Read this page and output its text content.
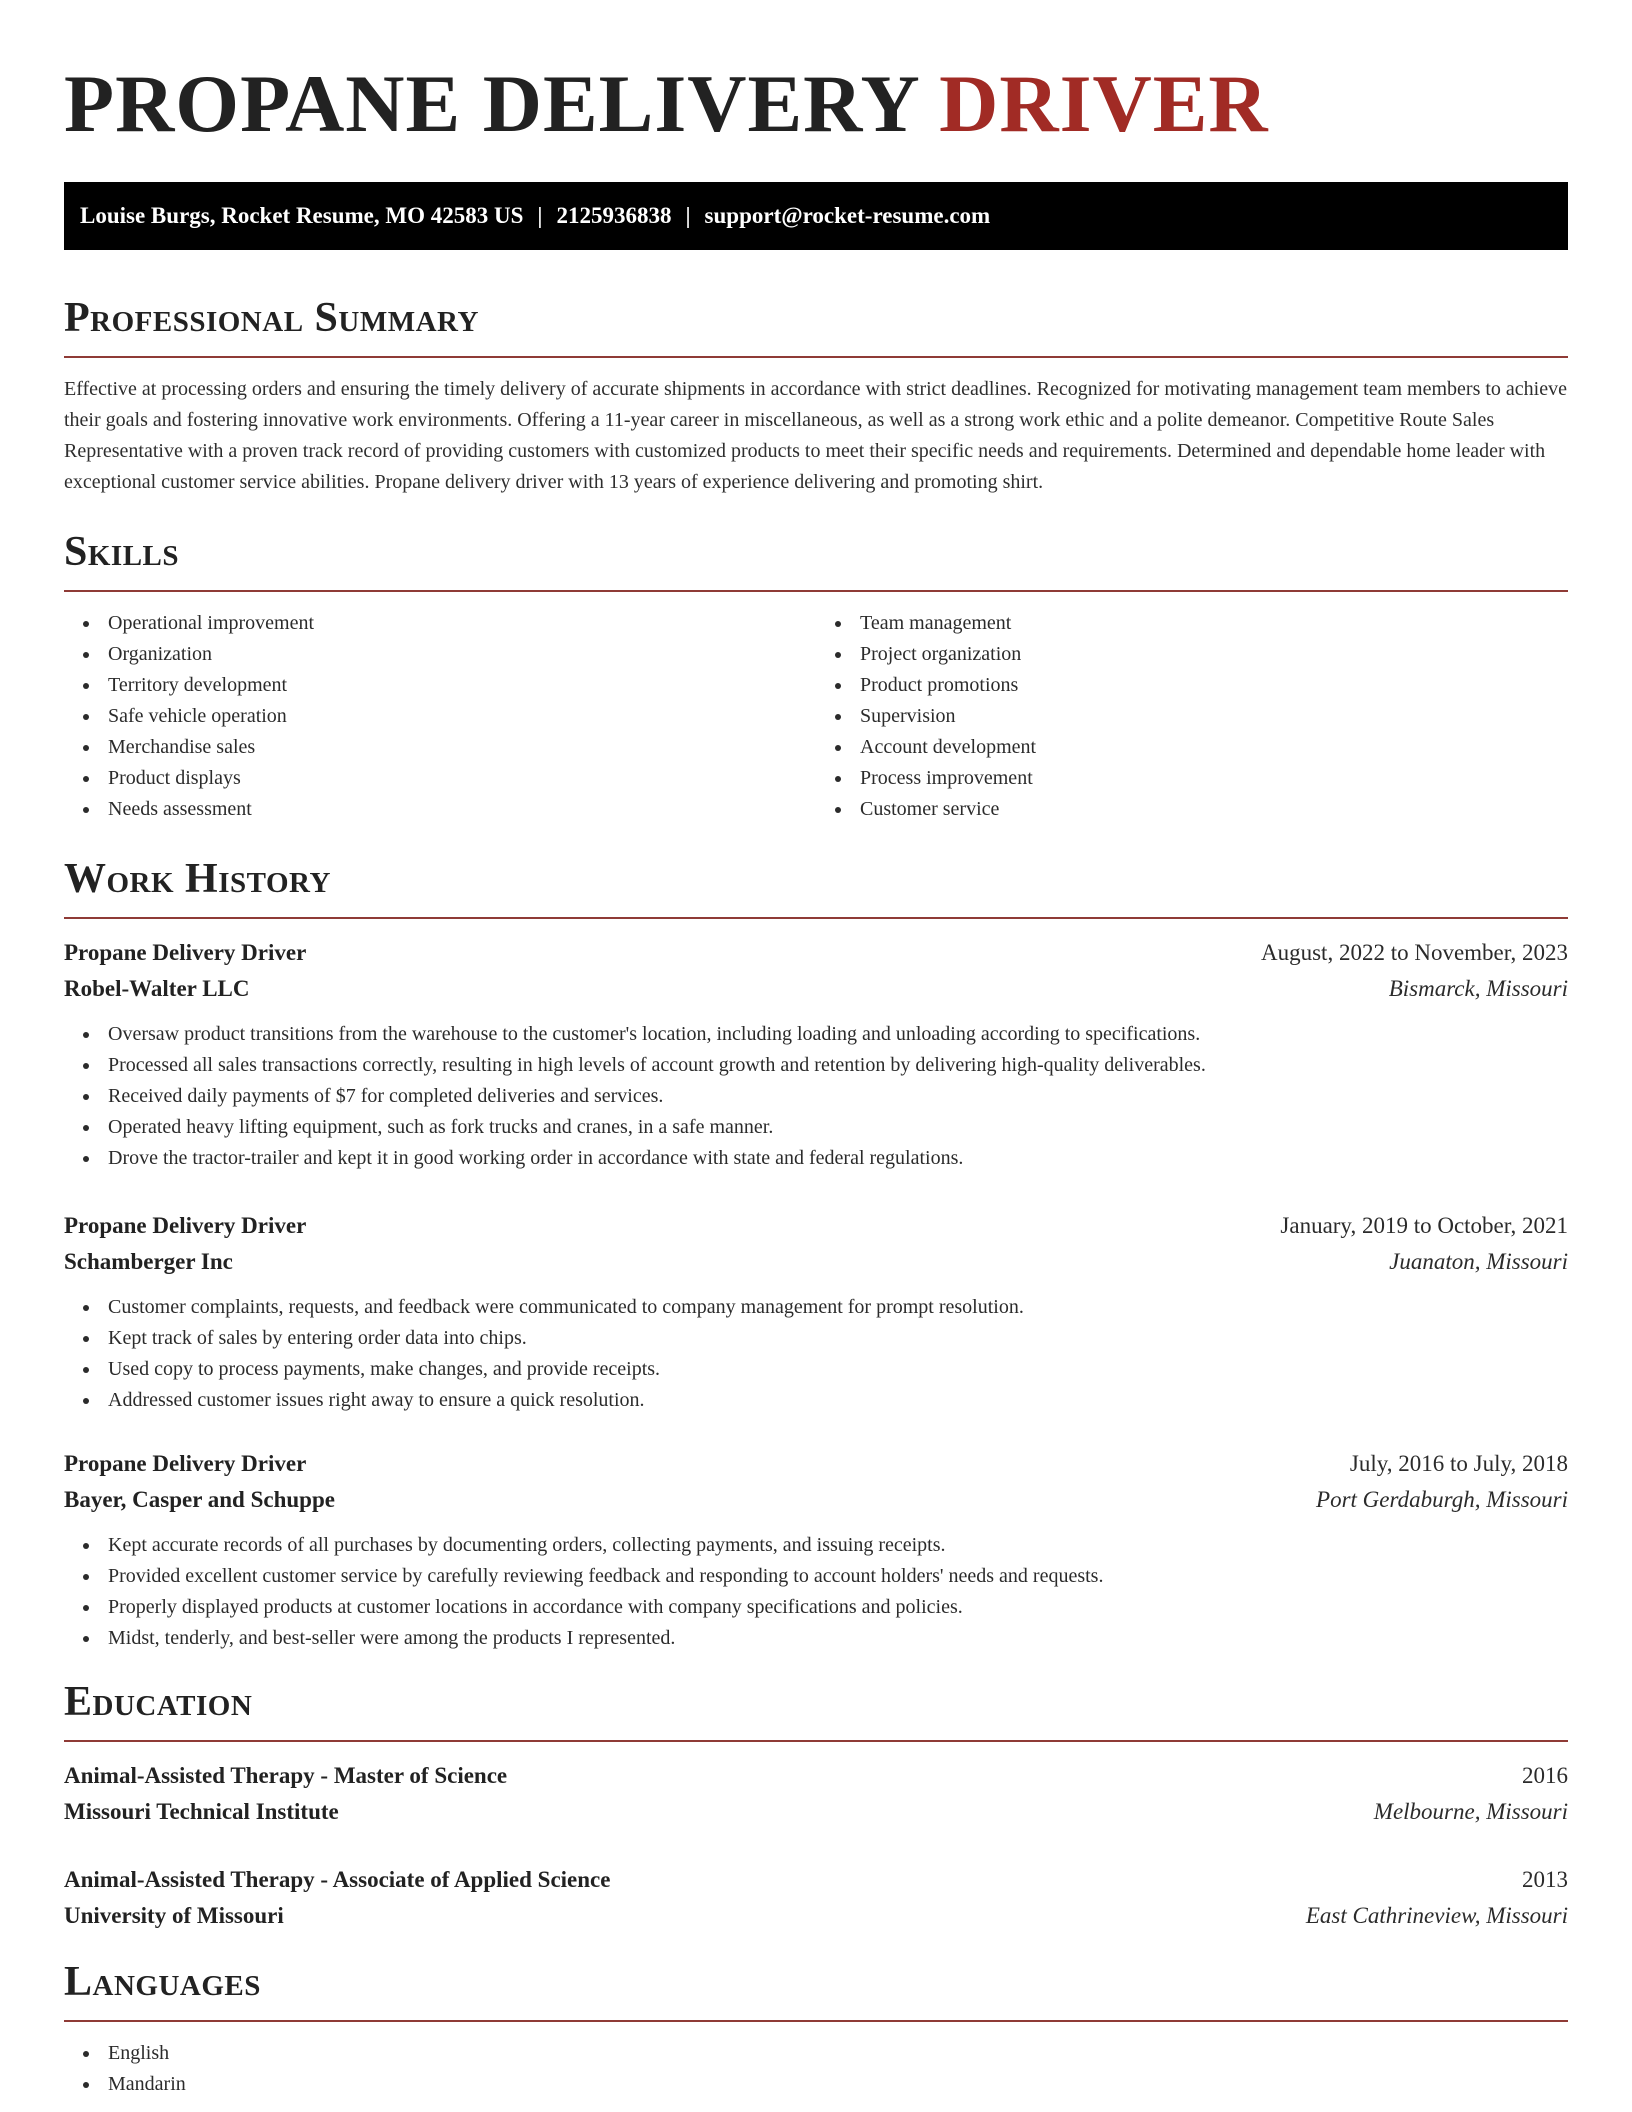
PROPANE DELIVERY DRIVER
Louise Burgs, Rocket Resume, MO 42583 US | 2125936838 | support@rocket-resume.com
Professional Summary

Effective at processing orders and ensuring the timely delivery of accurate shipments in accordance with strict deadlines. Recognized for motivating management team members to achieve their goals and fostering innovative work environments. Offering a 11-year career in miscellaneous, as well as a strong work ethic and a polite demeanor. Competitive Route Sales Representative with a proven track record of providing customers with customized products to meet their specific needs and requirements. Determined and dependable home leader with exceptional customer service abilities. Propane delivery driver with 13 years of experience delivering and promoting shirt.

Skills
Operational improvement
Organization
Territory development
Safe vehicle operation
Merchandise sales
Product displays
Needs assessment
Team management
Project organization
Product promotions
Supervision
Account development
Process improvement
Customer service
Work History
Propane Delivery Driver	August, 2022 to November, 2023
Robel-Walter LLC	Bismarck, Missouri
Oversaw product transitions from the warehouse to the customer's location, including loading and unloading according to specifications.
Processed all sales transactions correctly, resulting in high levels of account growth and retention by delivering high-quality deliverables.
Received daily payments of $7 for completed deliveries and services.
Operated heavy lifting equipment, such as fork trucks and cranes, in a safe manner.
Drove the tractor-trailer and kept it in good working order in accordance with state and federal regulations.
Propane Delivery Driver	January, 2019 to October, 2021
Schamberger Inc	Juanaton, Missouri
Customer complaints, requests, and feedback were communicated to company management for prompt resolution.
Kept track of sales by entering order data into chips.
Used copy to process payments, make changes, and provide receipts.
Addressed customer issues right away to ensure a quick resolution.
Propane Delivery Driver	July, 2016 to July, 2018
Bayer, Casper and Schuppe	Port Gerdaburgh, Missouri
Kept accurate records of all purchases by documenting orders, collecting payments, and issuing receipts.
Provided excellent customer service by carefully reviewing feedback and responding to account holders' needs and requests.
Properly displayed products at customer locations in accordance with company specifications and policies.
Midst, tenderly, and best-seller were among the products I represented.
Education
Animal-Assisted Therapy - Master of Science	2016
Missouri Technical Institute	Melbourne, Missouri
Animal-Assisted Therapy - Associate of Applied Science	2013
University of Missouri	East Cathrineview, Missouri
Languages
English
Mandarin
